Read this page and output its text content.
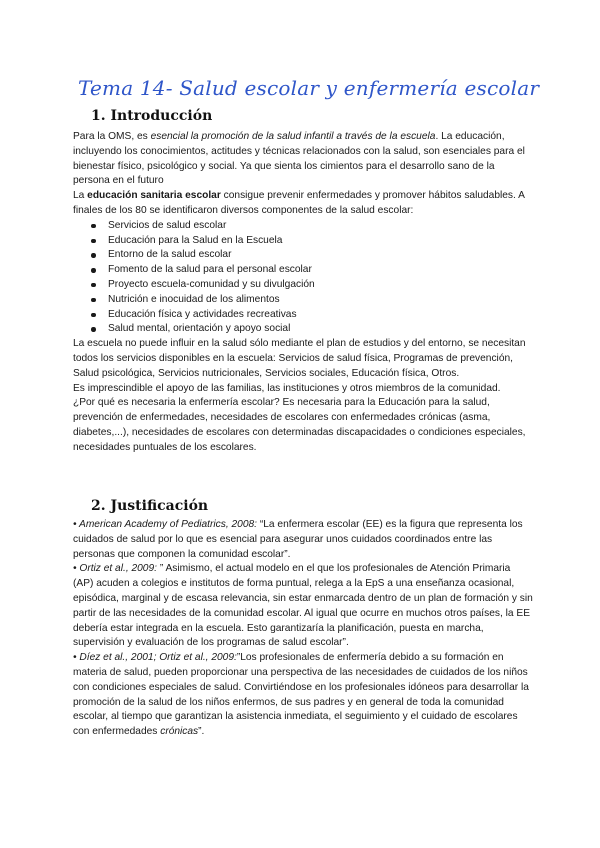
Tema 14- Salud escolar y enfermería escolar
1. Introducción

Para la OMS, es esencial la promoción de la salud infantil a través de la escuela. La educación, incluyendo los conocimientos, actitudes y técnicas relacionados con la salud, son esenciales para el bienestar físico, psicológico y social. Ya que sienta los cimientos para el desarrollo sano de la persona en el futuro

La educación sanitaria escolar consigue prevenir enfermedades y promover hábitos saludables. A finales de los 80 se identificaron diversos componentes de la salud escolar:

Servicios de salud escolar
Educación para la Salud en la Escuela
Entorno de la salud escolar
Fomento de la salud para el personal escolar
Proyecto escuela-comunidad y su divulgación
Nutrición e inocuidad de los alimentos
Educación física y actividades recreativas
Salud mental, orientación y apoyo social

La escuela no puede influir en la salud sólo mediante el plan de estudios y del entorno, se necesitan todos los servicios disponibles en la escuela: Servicios de salud física, Programas de prevención, Salud psicológica, Servicios nutricionales, Servicios sociales, Educación física, Otros.

Es imprescindible el apoyo de las familias, las instituciones y otros miembros de la comunidad.

¿Por qué es necesaria la enfermería escolar? Es necesaria para la Educación para la salud, prevención de enfermedades, necesidades de escolares con enfermedades crónicas (asma, diabetes,...), necesidades de escolares con determinadas discapacidades o condiciones especiales, necesidades puntuales de los escolares.

2. Justificación

• American Academy of Pediatrics, 2008: “La enfermera escolar (EE) es la figura que representa los cuidados de salud por lo que es esencial para asegurar unos cuidados coordinados entre las personas que componen la comunidad escolar”.

• Ortiz et al., 2009: ” Asimismo, el actual modelo en el que los profesionales de Atención Primaria (AP) acuden a colegios e institutos de forma puntual, relega a la EpS a una enseñanza ocasional, episódica, marginal y de escasa relevancia, sin estar enmarcada dentro de un plan de formación y sin partir de las necesidades de la comunidad escolar. Al igual que ocurre en muchos otros países, la EE debería estar integrada en la escuela. Esto garantizaría la planificación, puesta en marcha, supervisión y evaluación de los programas de salud escolar”.

• Díez et al., 2001; Ortiz et al., 2009:”Los profesionales de enfermería debido a su formación en materia de salud, pueden proporcionar una perspectiva de las necesidades de cuidados de los niños con condiciones especiales de salud. Convirtiéndose en los profesionales idóneos para desarrollar la promoción de la salud de los niños enfermos, de sus padres y en general de toda la comunidad escolar, al tiempo que garantizan la asistencia inmediata, el seguimiento y el cuidado de escolares con enfermedades crónicas”.
